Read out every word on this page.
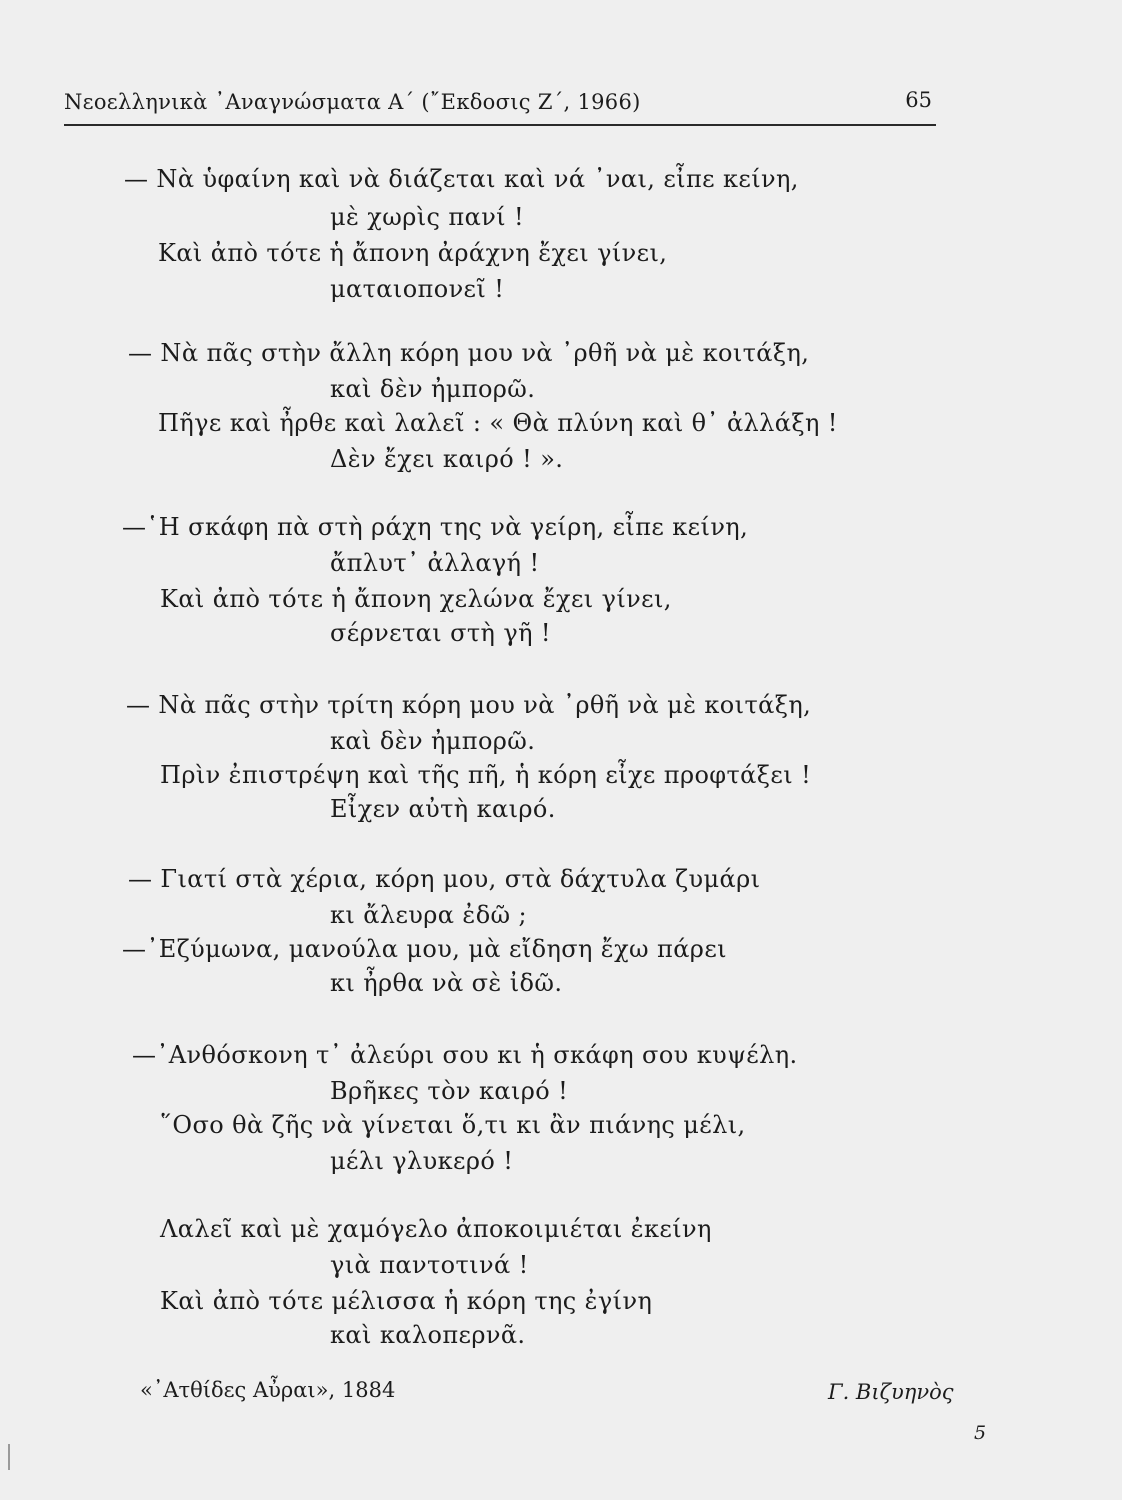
Νεοελληνικὰ ᾽Αναγνώσματα Α΄ (῎Εκδοσις Ζ΄, 1966)	65
— Νὰ ὑφαίνη καὶ νὰ διάζεται καὶ νά ᾽ναι, εἶπε κείνη,
μὲ χωρὶς πανί !
Καὶ ἀπὸ τότε ἡ ἄπονη ἀράχνη ἔχει γίνει,
ματαιοπονεῖ !
— Νὰ πᾶς στὴν ἄλλη κόρη μου νὰ ᾽ρθῆ νὰ μὲ κοιτάξη,
καὶ δὲν ἠμπορῶ.
Πῆγε καὶ ἦρθε καὶ λαλεῖ : « Θὰ πλύνη καὶ θ᾽ ἀλλάξη !
Δὲν ἔχει καιρό ! ».
—῾Η σκάφη πὰ στὴ ράχη της νὰ γείρη, εἶπε κείνη,
ἄπλυτ᾽ ἀλλαγή !
Καὶ ἀπὸ τότε ἡ ἄπονη χελώνα ἔχει γίνει,
σέρνεται στὴ γῆ !
— Νὰ πᾶς στὴν τρίτη κόρη μου νὰ ᾽ρθῆ νὰ μὲ κοιτάξη,
καὶ δὲν ἠμπορῶ.
Πρὶν ἐπιστρέψη καὶ τῆς πῆ, ἡ κόρη εἶχε προφτάξει !
Εἶχεν αὐτὴ καιρό.
— Γιατί στὰ χέρια, κόρη μου, στὰ δάχτυλα ζυμάρι
κι ἄλευρα ἐδῶ ;
—᾽Εζύμωνα, μανούλα μου, μὰ εἴδηση ἔχω πάρει
κι ἦρθα νὰ σὲ ἰδῶ.
—᾽Ανθόσκονη τ᾽ ἀλεύρι σου κι ἡ σκάφη σου κυψέλη.
Βρῆκες τὸν καιρό !
῞Οσο θὰ ζῆς νὰ γίνεται ὅ,τι κι ἂν πιάνης μέλι,
μέλι γλυκερό !
Λαλεῖ καὶ μὲ χαμόγελο ἀποκοιμιέται ἐκείνη
γιὰ παντοτινά !
Καὶ ἀπὸ τότε μέλισσα ἡ κόρη της ἐγίνη
καὶ καλοπερνᾶ.
«᾽Ατθίδες Αὖραι», 1884	Γ. Βιζυηνὸς
5
